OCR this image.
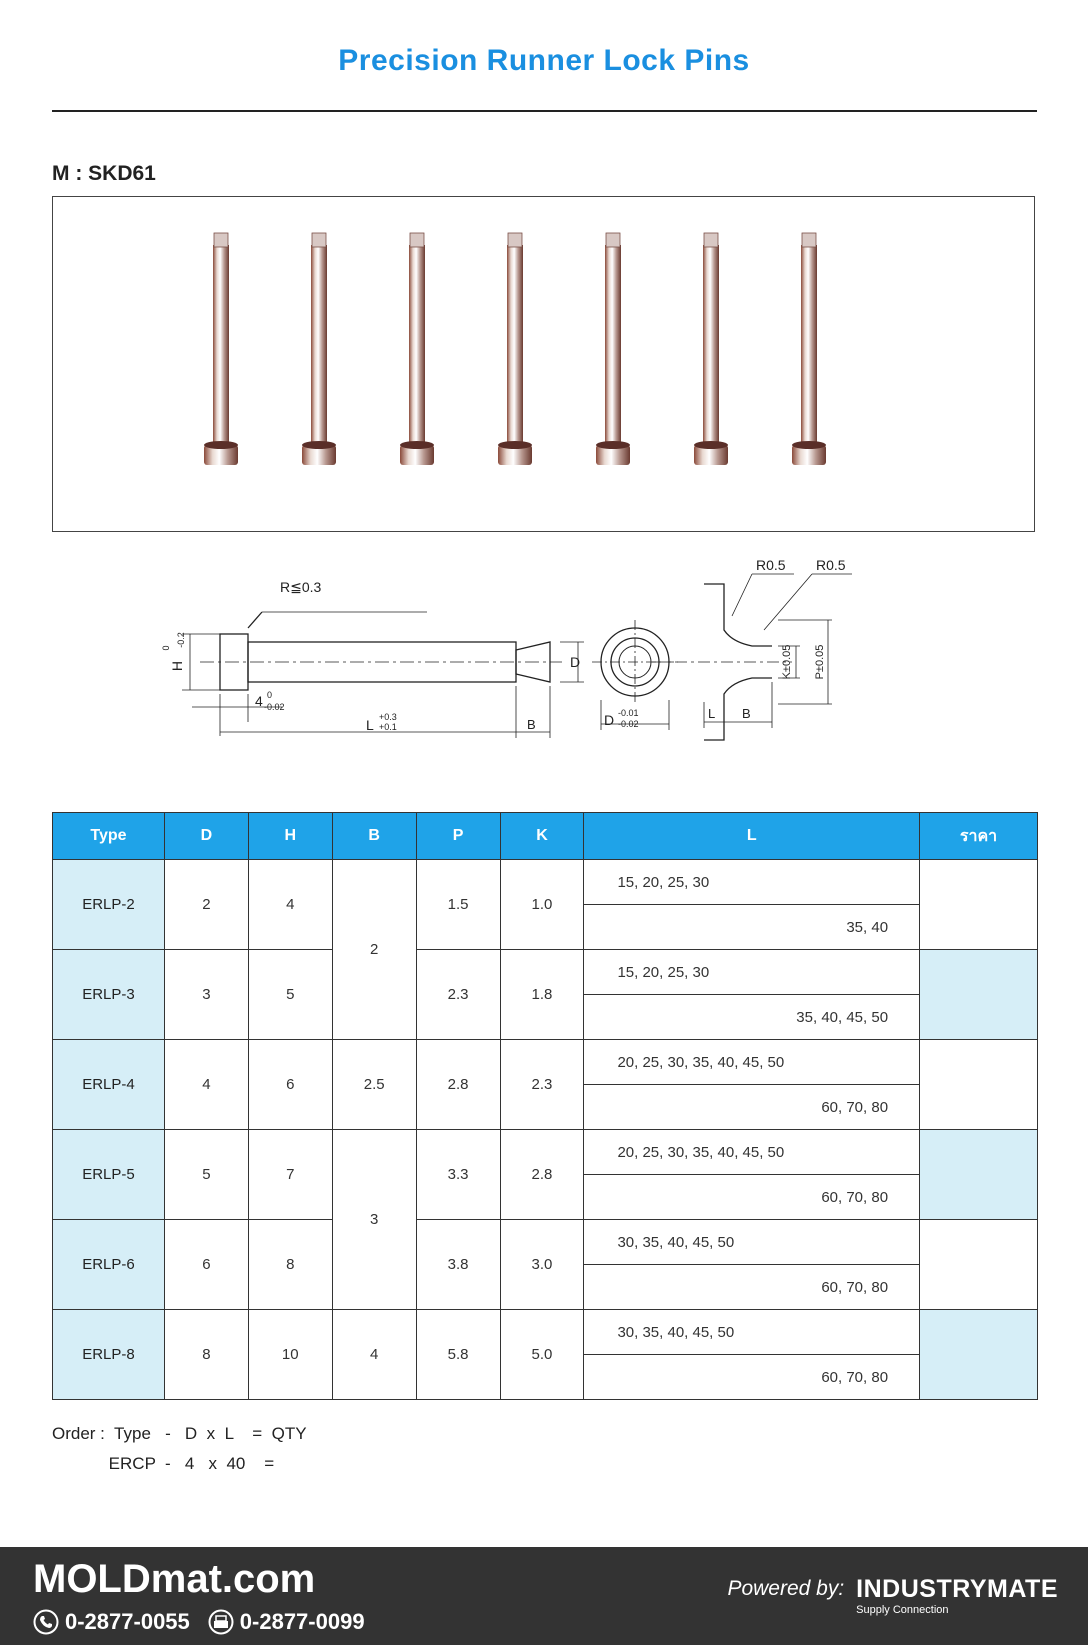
Precision Runner Lock Pins
M : SKD61
R≦0.3
H
0
-0.2
4 0
-0.02
L +0.3
+0.1	B
D
D -0.01
-0.02
R0.5 R0.5
K±0.05 P±0.05
L B
Type	D	H	B	P	K	L	ราคา
ERLP-2	2	4	2	1.5	1.0	15, 20, 25, 30	
						35, 40	
ERLP-3	3	5		2.3	1.8	15, 20, 25, 30	
						35, 40, 45, 50	
ERLP-4	4	6	2.5	2.8	2.3	20, 25, 30, 35, 40, 45, 50	
						60, 70, 80	
ERLP-5	5	7	3	3.3	2.8	20, 25, 30, 35, 40, 45, 50	
						60, 70, 80	
ERLP-6	6	8		3.8	3.0	30, 35, 40, 45, 50	
						60, 70, 80	
ERLP-8	8	10	4	5.8	5.0	30, 35, 40, 45, 50	
						60, 70, 80	
Order :  Type   -   D  x  L    =  QTY
ERCP  -   4   x  40    =
MOLDmat.com
0-2877-0055 0-2877-0099
Powered by: INDUSTRYMATE
Supply Connection
